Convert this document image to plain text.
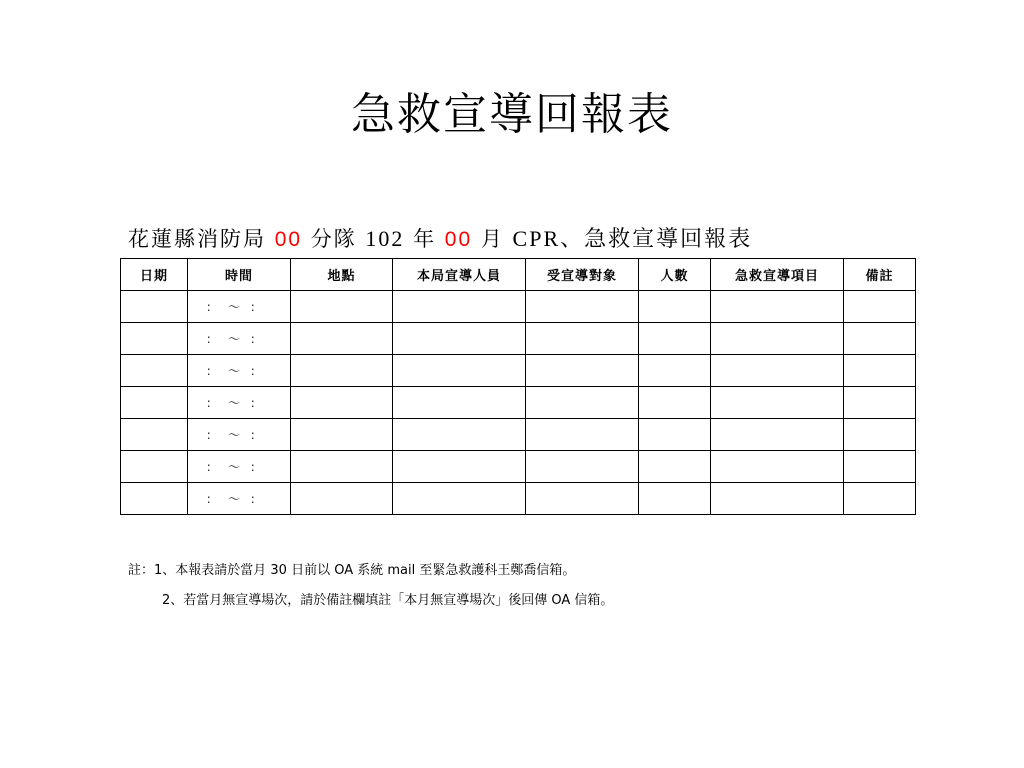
急救宣導回報表
花蓮縣消防局 00 分隊 102 年 00 月 CPR、急救宣導回報表
日期	時間	地點	本局宣導人員	受宣導對象	人數	急救宣導項目	備註
	：～：						
	：～：						
	：～：						
	：～：						
	：～：						
	：～：						
	：～：						
註：1、本報表請於當月 30 日前以 OA 系統 mail 至緊急救護科王鄭喬信箱。
2、若當月無宣導場次，請於備註欄填註「本月無宣導場次」後回傳 OA 信箱。
